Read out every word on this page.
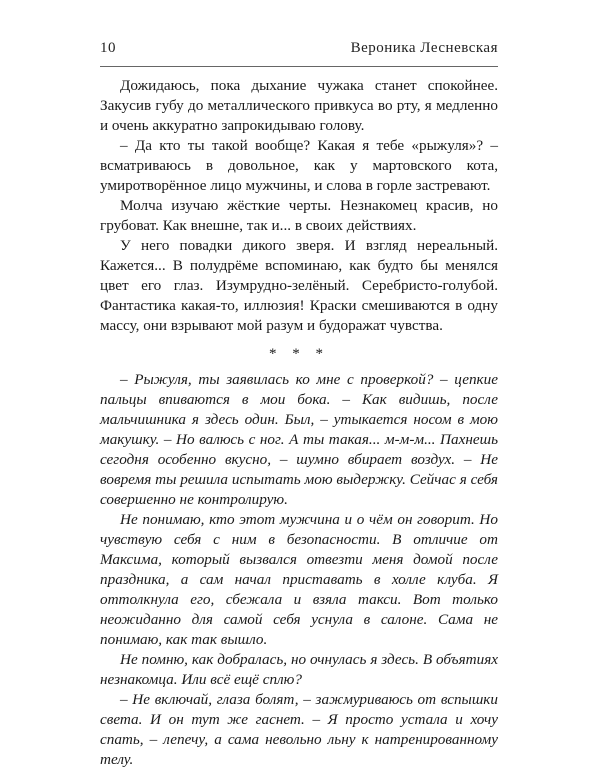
10	Вероника Лесневская

Дожидаюсь, пока дыхание чужака станет спокойнее. Закусив губу до металлического привкуса во рту, я медленно и очень аккуратно запрокидываю голову.

– Да кто ты такой вообще? Какая я тебе «рыжуля»? – всматриваюсь в довольное, как у мартовского кота, умиротворённое лицо мужчины, и слова в горле застревают.

Молча изучаю жёсткие черты. Незнакомец красив, но грубоват. Как внешне, так и... в своих действиях.

У него повадки дикого зверя. И взгляд нереальный. Кажется... В полудрёме вспоминаю, как будто бы менялся цвет его глаз. Изумрудно-зелёный. Серебристо-голубой. Фантастика какая-то, иллюзия! Краски смешиваются в одну массу, они взрывают мой разум и будоражат чувства.

* * *

– Рыжуля, ты заявилась ко мне с проверкой? – цепкие пальцы впиваются в мои бока. – Как видишь, после мальчишника я здесь один. Был, – утыкается носом в мою макушку. – Но валюсь с ног. А ты такая... м-м-м... Пахнешь сегодня особенно вкусно, – шумно вбирает воздух. – Не вовремя ты решила испытать мою выдержку. Сейчас я себя совершенно не контролирую.

Не понимаю, кто этот мужчина и о чём он говорит. Но чувствую себя с ним в безопасности. В отличие от Максима, который вызвался отвезти меня домой после праздника, а сам начал приставать в холле клуба. Я оттолкнула его, сбежала и взяла такси. Вот только неожиданно для самой себя уснула в салоне. Сама не понимаю, как так вышло.

Не помню, как добралась, но очнулась я здесь. В объятиях незнакомца. Или всё ещё сплю?

– Не включай, глаза болят, – зажмуриваюсь от вспышки света. И он тут же гаснет. – Я просто устала и хочу спать, – лепечу, а сама невольно льну к натренированному телу.
